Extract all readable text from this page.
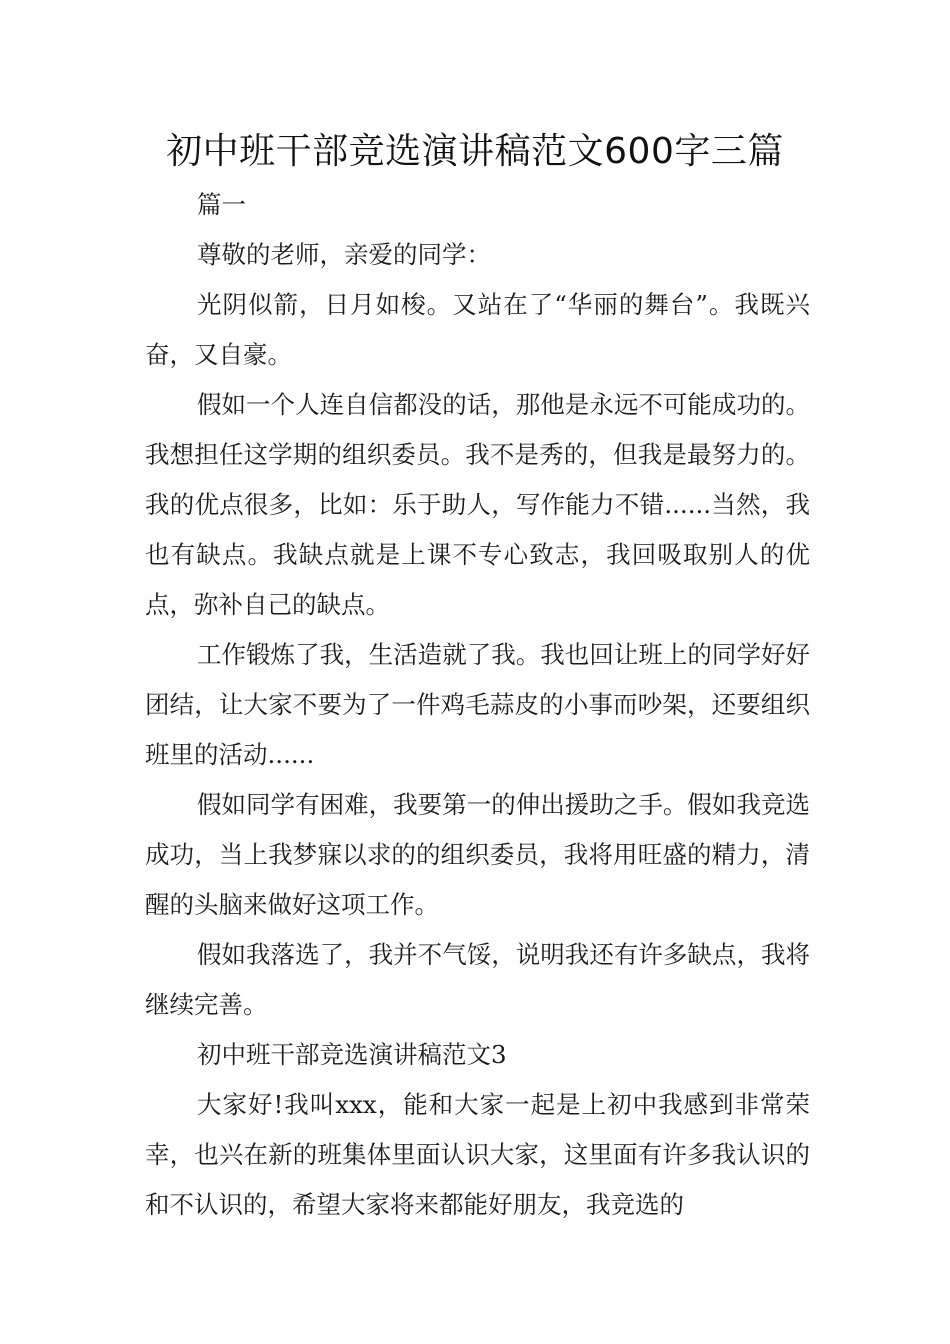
初中班干部竞选演讲稿范文600字三篇

篇一

尊敬的老师，亲爱的同学：

光阴似箭，日月如梭。又站在了“华丽的舞台”。我既兴奋，又自豪。

假如一个人连自信都没的话，那他是永远不可能成功的。我想担任这学期的组织委员。我不是秀的，但我是最努力的。我的优点很多，比如：乐于助人，写作能力不错......当然，我也有缺点。我缺点就是上课不专心致志，我回吸取别人的优点，弥补自己的缺点。

工作锻炼了我，生活造就了我。我也回让班上的同学好好团结，让大家不要为了一件鸡毛蒜皮的小事而吵架，还要组织班里的活动......

假如同学有困难，我要第一的伸出援助之手。假如我竞选成功，当上我梦寐以求的的组织委员，我将用旺盛的精力，清醒的头脑来做好这项工作。

假如我落选了，我并不气馁，说明我还有许多缺点，我将继续完善。

初中班干部竞选演讲稿范文3

大家好!我叫xxx，能和大家一起是上初中我感到非常荣幸，也兴在新的班集体里面认识大家，这里面有许多我认识的和不认识的，希望大家将来都能好朋友，我竞选的
